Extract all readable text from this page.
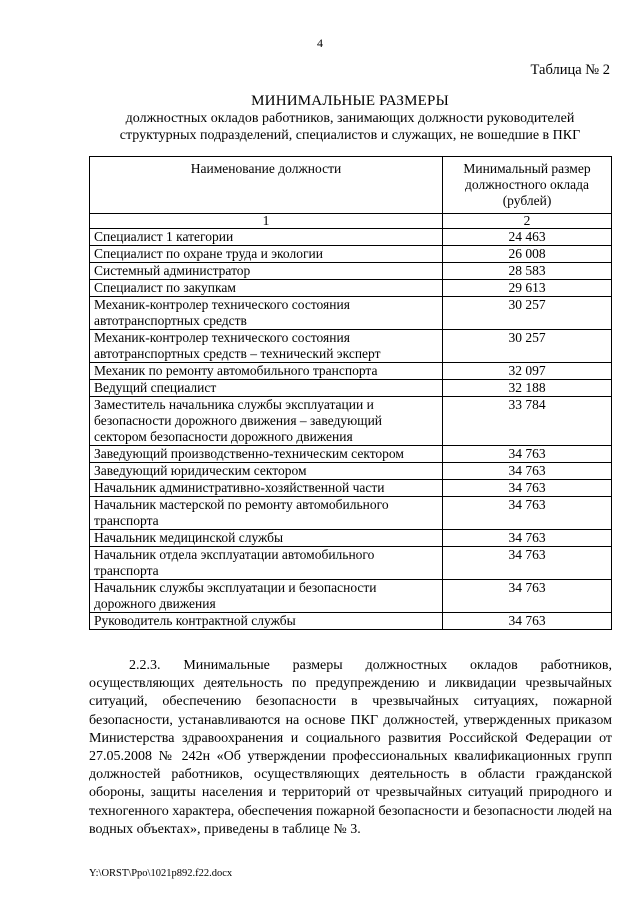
4
Таблица № 2
МИНИМАЛЬНЫЕ РАЗМЕРЫ
должностных окладов работников, занимающих должности руководителей
структурных подразделений, специалистов и служащих, не вошедшие в ПКГ
Наименование должности	Минимальный размер должностного оклада (рублей)
1	2
Специалист 1 категории	24 463
Специалист по охране труда и экологии	26 008
Системный администратор	28 583
Специалист по закупкам	29 613
Механик-контролер технического состояния автотранспортных средств	30 257
Механик-контролер технического состояния автотранспортных средств – технический эксперт	30 257
Механик по ремонту автомобильного транспорта	32 097
Ведущий специалист	32 188
Заместитель начальника службы эксплуатации и безопасности дорожного движения – заведующий сектором безопасности дорожного движения	33 784
Заведующий производственно-техническим сектором	34 763
Заведующий юридическим сектором	34 763
Начальник административно-хозяйственной части	34 763
Начальник мастерской по ремонту автомобильного транспорта	34 763
Начальник медицинской службы	34 763
Начальник отдела эксплуатации автомобильного транспорта	34 763
Начальник службы эксплуатации и безопасности дорожного движения	34 763
Руководитель контрактной службы	34 763

2.2.3. Минимальные размеры должностных окладов работников, осуществляющих деятельность по предупреждению и ликвидации чрезвычайных ситуаций, обеспечению безопасности в чрезвычайных ситуациях, пожарной безопасности, устанавливаются на основе ПКГ должностей, утвержденных приказом Министерства здравоохранения и социального развития Российской Федерации от 27.05.2008 № 242н «Об утверждении профессиональных квалификационных групп должностей работников, осуществляющих деятельность в области гражданской обороны, защиты населения и территорий от чрезвычайных ситуаций природного и техногенного характера, обеспечения пожарной безопасности и безопасности людей на водных объектах», приведены в таблице № 3.

Y:\ORST\Ppo\1021p892.f22.docx
